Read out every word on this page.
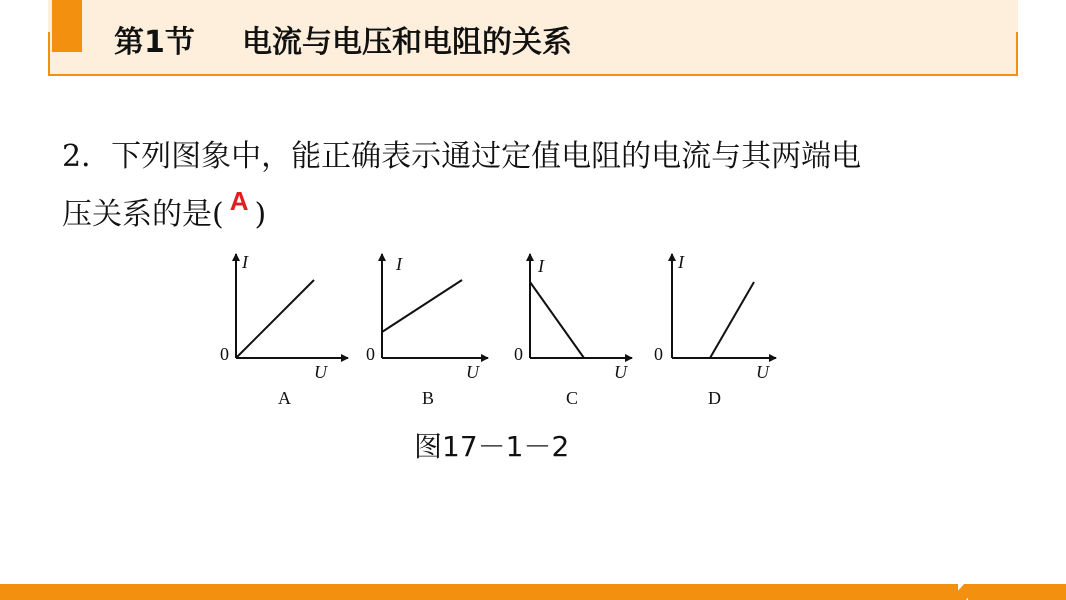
第1节 电流与电压和电阻的关系
2．下列图象中，能正确表示通过定值电阻的电流与其两端电
压关系的是( A )
I
U
0
A
I
U
0
B
I
U
0
C
I
U
0
D
图17－1－2
